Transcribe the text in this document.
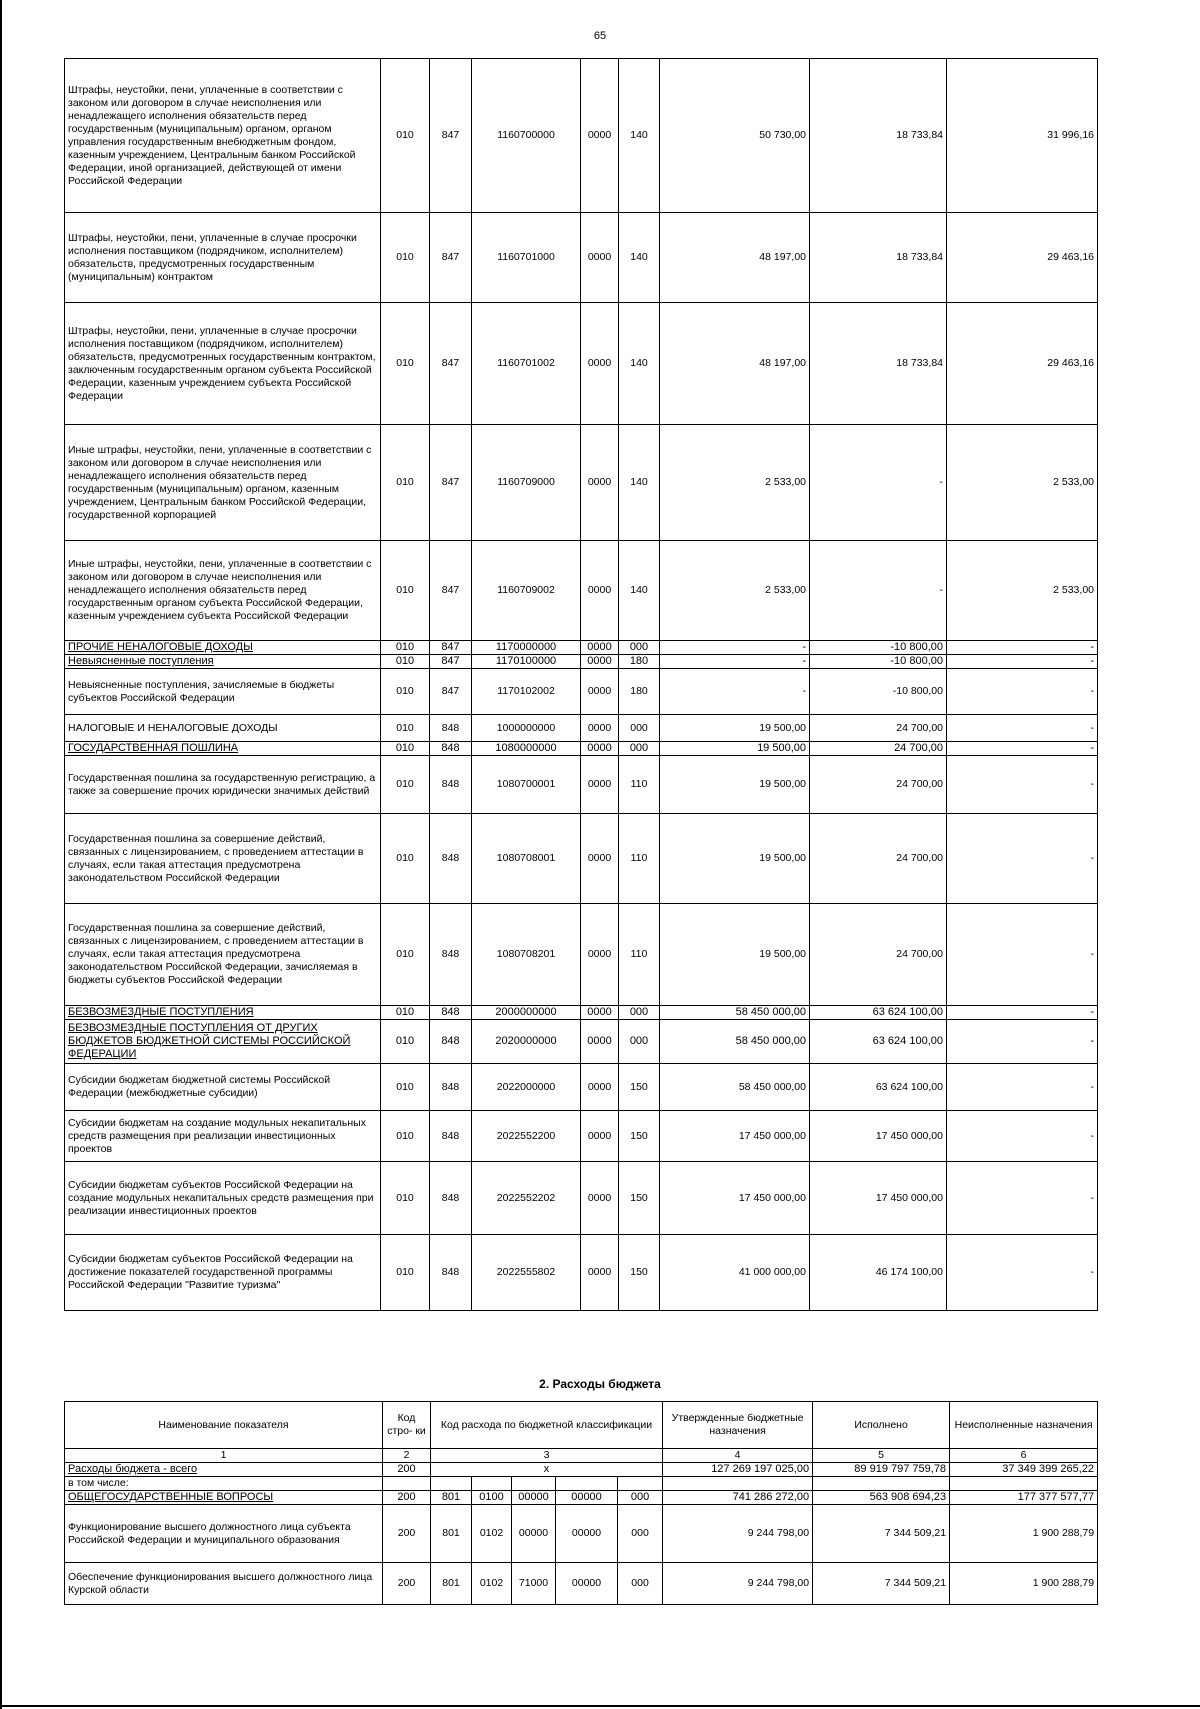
65
Штрафы, неустойки, пени, уплаченные в соответствии с законом или договором в случае неисполнения или ненадлежащего исполнения обязательств перед государственным (муниципальным) органом, органом управления государственным внебюджетным фондом, казенным учреждением, Центральным банком Российской Федерации, иной организацией, действующей от имени Российской Федерации	010	847	1160700000	0000	140	50 730,00	18 733,84	31 996,16
Штрафы, неустойки, пени, уплаченные в случае просрочки исполнения поставщиком (подрядчиком, исполнителем) обязательств, предусмотренных государственным (муниципальным) контрактом	010	847	1160701000	0000	140	48 197,00	18 733,84	29 463,16
Штрафы, неустойки, пени, уплаченные в случае просрочки исполнения поставщиком (подрядчиком, исполнителем) обязательств, предусмотренных государственным контрактом, заключенным государственным органом субъекта Российской Федерации, казенным учреждением субъекта Российской Федерации	010	847	1160701002	0000	140	48 197,00	18 733,84	29 463,16
Иные штрафы, неустойки, пени, уплаченные в соответствии с законом или договором в случае неисполнения или ненадлежащего исполнения обязательств перед государственным (муниципальным) органом, казенным учреждением, Центральным банком Российской Федерации, государственной корпорацией	010	847	1160709000	0000	140	2 533,00	-	2 533,00
Иные штрафы, неустойки, пени, уплаченные в соответствии с законом или договором в случае неисполнения или ненадлежащего исполнения обязательств перед государственным органом субъекта Российской Федерации, казенным учреждением субъекта Российской Федерации	010	847	1160709002	0000	140	2 533,00	-	2 533,00
ПРОЧИЕ НЕНАЛОГОВЫЕ ДОХОДЫ	010	847	1170000000	0000	000	-	-10 800,00	-
Невыясненные поступления	010	847	1170100000	0000	180	-	-10 800,00	-
Невыясненные поступления, зачисляемые в бюджеты субъектов Российской Федерации	010	847	1170102002	0000	180	-	-10 800,00	-
НАЛОГОВЫЕ И НЕНАЛОГОВЫЕ ДОХОДЫ	010	848	1000000000	0000	000	19 500,00	24 700,00	-
ГОСУДАРСТВЕННАЯ ПОШЛИНА	010	848	1080000000	0000	000	19 500,00	24 700,00	-
Государственная пошлина за государственную регистрацию, а также за совершение прочих юридически значимых действий	010	848	1080700001	0000	110	19 500,00	24 700,00	-
Государственная пошлина за совершение действий, связанных с лицензированием, с проведением аттестации в случаях, если такая аттестация предусмотрена законодательством Российской Федерации	010	848	1080708001	0000	110	19 500,00	24 700,00	-
Государственная пошлина за совершение действий, связанных с лицензированием, с проведением аттестации в случаях, если такая аттестация предусмотрена законодательством Российской Федерации, зачисляемая в бюджеты субъектов Российской Федерации	010	848	1080708201	0000	110	19 500,00	24 700,00	-
БЕЗВОЗМЕЗДНЫЕ ПОСТУПЛЕНИЯ	010	848	2000000000	0000	000	58 450 000,00	63 624 100,00	-
БЕЗВОЗМЕЗДНЫЕ ПОСТУПЛЕНИЯ ОТ ДРУГИХ БЮДЖЕТОВ БЮДЖЕТНОЙ СИСТЕМЫ РОССИЙСКОЙ ФЕДЕРАЦИИ	010	848	2020000000	0000	000	58 450 000,00	63 624 100,00	-
Субсидии бюджетам бюджетной системы Российской Федерации (межбюджетные субсидии)	010	848	2022000000	0000	150	58 450 000,00	63 624 100,00	-
Субсидии бюджетам на создание модульных некапитальных средств размещения при реализации инвестиционных проектов	010	848	2022552200	0000	150	17 450 000,00	17 450 000,00	-
Субсидии бюджетам субъектов Российской Федерации на создание модульных некапитальных средств размещения при реализации инвестиционных проектов	010	848	2022552202	0000	150	17 450 000,00	17 450 000,00	-
Субсидии бюджетам субъектов Российской Федерации на достижение показателей государственной программы Российской Федерации "Развитие туризма"	010	848	2022555802	0000	150	41 000 000,00	46 174 100,00	-
2. Расходы бюджета
Наименование показателя	Код стро- ки	Код расхода по бюджетной классификации					Утвержденные бюджетные назначения	Исполнено	Неисполненные назначения
1	2	3					4	5	6
Расходы бюджета - всего	200	x					127 269 197 025,00	89 919 797 759,78	37 349 399 265,22
в том числе:									
ОБЩЕГОСУДАРСТВЕННЫЕ ВОПРОСЫ	200	801	0100	00000	00000	000	741 286 272,00	563 908 694,23	177 377 577,77
Функционирование высшего должностного лица субъекта Российской Федерации и муниципального образования	200	801	0102	00000	00000	000	9 244 798,00	7 344 509,21	1 900 288,79
Обеспечение функционирования высшего должностного лица Курской области	200	801	0102	71000	00000	000	9 244 798,00	7 344 509,21	1 900 288,79
